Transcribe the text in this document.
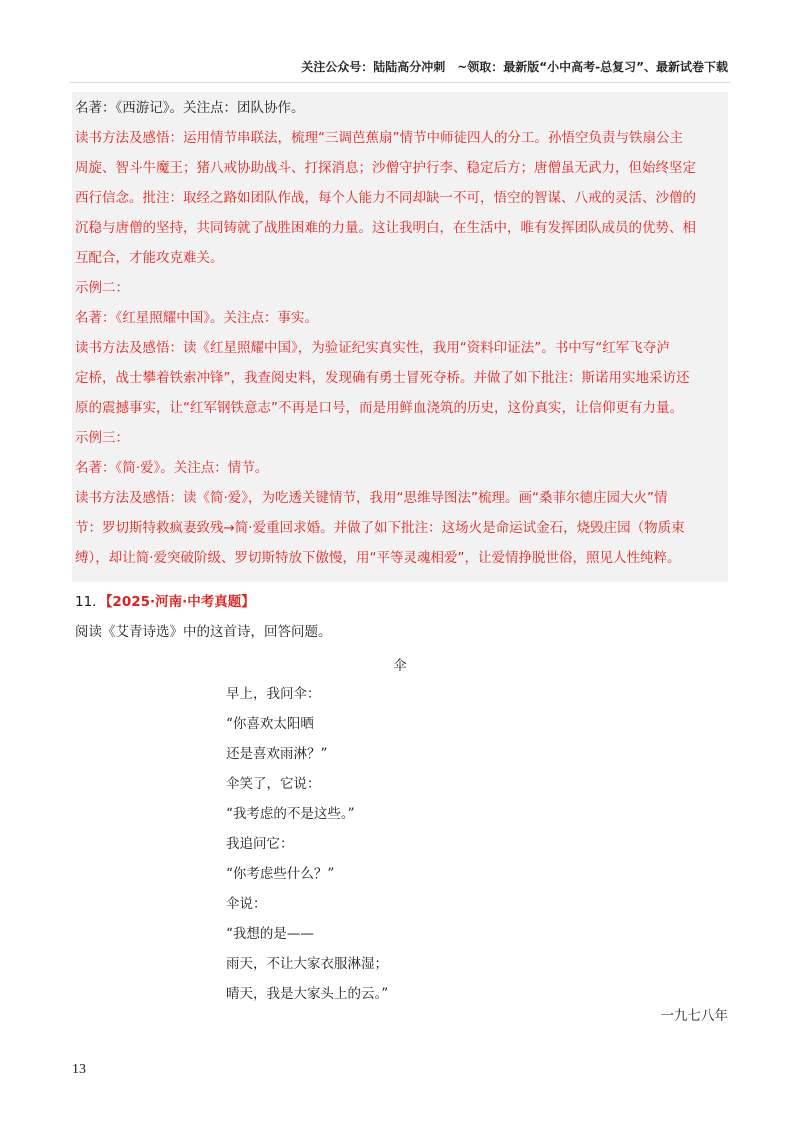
关注公众号：陆陆高分冲刺　~领取：最新版“小中高考-总复习”、最新试卷下载
名著：《西游记》。关注点：团队协作。
读书方法及感悟：运用情节串联法，梳理“三调芭蕉扇”情节中师徒四人的分工。孙悟空负责与铁扇公主
周旋、智斗牛魔王；猪八戒协助战斗、打探消息；沙僧守护行李、稳定后方；唐僧虽无武力，但始终坚定
西行信念。批注：取经之路如团队作战，每个人能力不同却缺一不可，悟空的智谋、八戒的灵活、沙僧的
沉稳与唐僧的坚持，共同铸就了战胜困难的力量。这让我明白，在生活中，唯有发挥团队成员的优势、相
互配合，才能攻克难关。
示例二：
名著：《红星照耀中国》。关注点：事实。
读书方法及感悟：读《红星照耀中国》，为验证纪实真实性，我用“资料印证法”。书中写“红军飞夺泸
定桥，战士攀着铁索冲锋”，我查阅史料，发现确有勇士冒死夺桥。并做了如下批注：斯诺用实地采访还
原的震撼事实，让“红军钢铁意志”不再是口号，而是用鲜血浇筑的历史，这份真实，让信仰更有力量。
示例三：
名著：《简·爱》。关注点：情节。
读书方法及感悟：读《简·爱》，为吃透关键情节，我用“思维导图法”梳理。画“桑菲尔德庄园大火”情
节：罗切斯特救疯妻致残→简·爱重回求婚。并做了如下批注：这场火是命运试金石，烧毁庄园（物质束
缚），却让简·爱突破阶级、罗切斯特放下傲慢，用“平等灵魂相爱”，让爱情挣脱世俗，照见人性纯粹。
11．【2025·河南·中考真题】
阅读《艾青诗选》中的这首诗，回答问题。
伞
早上，我问伞：
“你喜欢太阳晒
还是喜欢雨淋？”
伞笑了，它说：
“我考虑的不是这些。”
我追问它：
“你考虑些什么？”
伞说：
“我想的是——
雨天，不让大家衣服淋湿；
晴天，我是大家头上的云。”
一九七八年
13
